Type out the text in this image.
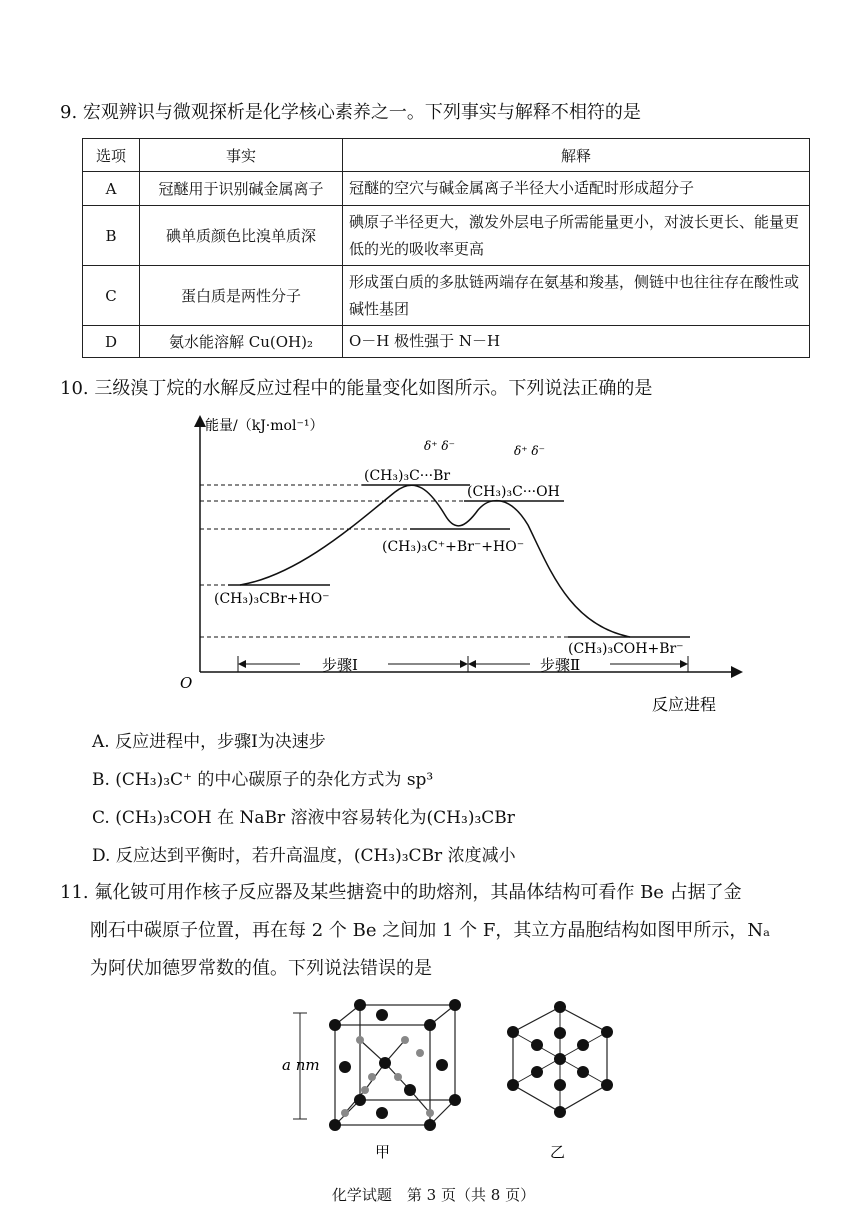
9. 宏观辨识与微观探析是化学核心素养之一。下列事实与解释不相符的是
选项	事实	解释
A	冠醚用于识别碱金属离子	冠醚的空穴与碱金属离子半径大小适配时形成超分子
B	碘单质颜色比溴单质深	碘原子半径更大，激发外层电子所需能量更小，对波长更长、能量更低的光的吸收率更高
C	蛋白质是两性分子	形成蛋白质的多肽链两端存在氨基和羧基，侧链中也往往存在酸性或碱性基团
D	氨水能溶解 Cu(OH)₂	O－H 极性强于 N－H
10. 三级溴丁烷的水解反应过程中的能量变化如图所示。下列说法正确的是
能量/（kJ·mol⁻¹）
O
反应进程
(CH₃)₃CBr+HO⁻
δ⁺ δ⁻
(CH₃)₃C···Br
(CH₃)₃C⁺+Br⁻+HO⁻
δ⁺ δ⁻
(CH₃)₃C···OH
(CH₃)₃COH+Br⁻
步骤Ⅰ	步骤Ⅱ
A. 反应进程中，步骤Ⅰ为决速步
B. (CH₃)₃C⁺ 的中心碳原子的杂化方式为 sp³
C. (CH₃)₃COH 在 NaBr 溶液中容易转化为(CH₃)₃CBr
D. 反应达到平衡时，若升高温度，(CH₃)₃CBr 浓度减小
11. 氟化铍可用作核子反应器及某些搪瓷中的助熔剂，其晶体结构可看作 Be 占据了金
刚石中碳原子位置，再在每 2 个 Be 之间加 1 个 F，其立方晶胞结构如图甲所示，Nₐ
为阿伏加德罗常数的值。下列说法错误的是
a nm
甲	乙
化学试题　第 3 页（共 8 页）
